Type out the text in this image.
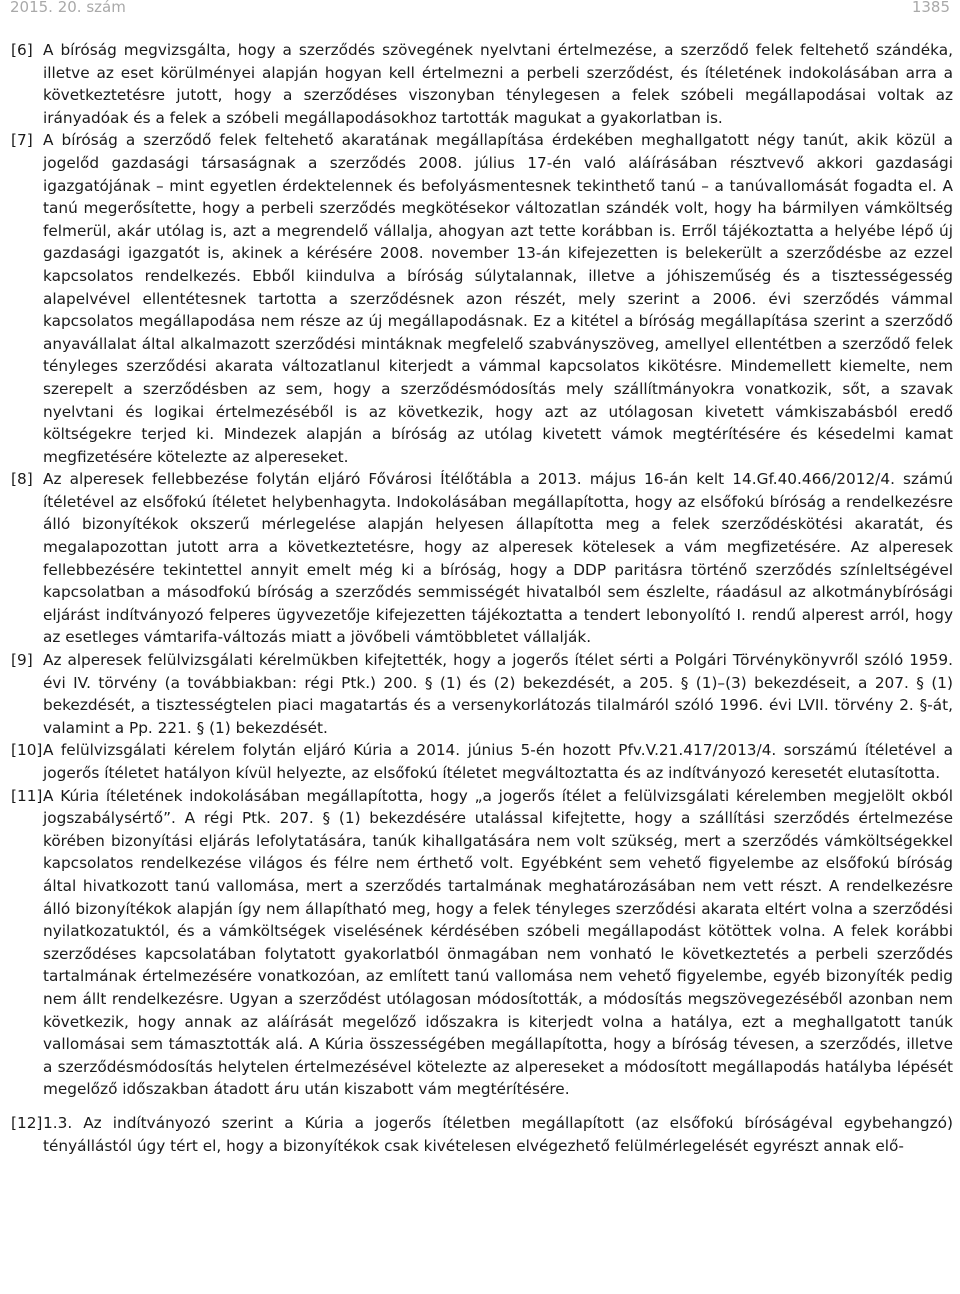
2015. 20. szám	1385
[6] A bíróság megvizsgálta, hogy a szerződés szövegének nyelvtani értelmezése, a szerződő felek feltehető szándéka, illetve az eset körülményei alapján hogyan kell értelmezni a perbeli szerződést, és ítéletének indokolásában arra a következtetésre jutott, hogy a szerződéses viszonyban ténylegesen a felek szóbeli megállapodásai voltak az irányadóak és a felek a szóbeli megállapodásokhoz tartották magukat a gyakorlatban is.
[7] A bíróság a szerződő felek feltehető akaratának megállapítása érdekében meghallgatott négy tanút, akik közül a jogelőd gazdasági társaságnak a szerződés 2008. július 17-én való aláírásában résztvevő akkori gazdasági igazgatójának – mint egyetlen érdektelennek és befolyásmentesnek tekinthető tanú – a tanúvallomását fogadta el. A tanú megerősítette, hogy a perbeli szerződés megkötésekor változatlan szándék volt, hogy ha bármilyen vámköltség felmerül, akár utólag is, azt a megrendelő vállalja, ahogyan azt tette korábban is. Erről tájékoztatta a helyébe lépő új gazdasági igazgatót is, akinek a kérésére 2008. november 13-án kifejezetten is belekerült a szerződésbe az ezzel kapcsolatos rendelkezés. Ebből kiindulva a bíróság súlytalannak, illetve a jóhiszeműség és a tisztességesség alapelvével ellentétesnek tartotta a szerződésnek azon részét, mely szerint a 2006. évi szerződés vámmal kapcsolatos megállapodása nem része az új megállapodásnak. Ez a kitétel a bíróság megállapítása szerint a szerződő anyavállalat által alkalmazott szerződési mintáknak megfelelő szabványszöveg, amellyel ellentétben a szerződő felek tényleges szerződési akarata változatlanul kiterjedt a vámmal kapcsolatos kikötésre. Mindemellett kiemelte, nem szerepelt a szerződésben az sem, hogy a szerződésmódosítás mely szállítmányokra vonatkozik, sőt, a szavak nyelvtani és logikai értelmezéséből is az következik, hogy azt az utólagosan kivetett vámkiszabásból eredő költségekre terjed ki. Mindezek alapján a bíróság az utólag kivetett vámok megtérítésére és késedelmi kamat megfizetésére kötelezte az alpereseket.
[8] Az alperesek fellebbezése folytán eljáró Fővárosi Ítélőtábla a 2013. május 16-án kelt 14.Gf.40.466/2012/4. számú ítéletével az elsőfokú ítéletet helybenhagyta. Indokolásában megállapította, hogy az elsőfokú bíróság a rendelkezésre álló bizonyítékok okszerű mérlegelése alapján helyesen állapította meg a felek szerződéskötési akaratát, és megalapozottan jutott arra a következtetésre, hogy az alperesek kötelesek a vám megfizetésére. Az alperesek fellebbezésére tekintettel annyit emelt még ki a bíróság, hogy a DDP paritásra történő szerződés színleltségével kapcsolatban a másodfokú bíróság a szerződés semmisségét hivatalból sem észlelte, ráadásul az alkotmánybírósági eljárást indítványozó felperes ügyvezetője kifejezetten tájékoztatta a tendert lebonyolító I. rendű alperest arról, hogy az esetleges vámtarifa-változás miatt a jövőbeli vámtöbbletet vállalják.
[9] Az alperesek felülvizsgálati kérelmükben kifejtették, hogy a jogerős ítélet sérti a Polgári Törvénykönyvről szóló 1959. évi IV. törvény (a továbbiakban: régi Ptk.) 200. § (1) és (2) bekezdését, a 205. § (1)–(3) bekezdéseit, a 207. § (1) bekezdését, a tisztességtelen piaci magatartás és a versenykorlátozás tilalmáról szóló 1996. évi LVII. törvény 2. §-át, valamint a Pp. 221. § (1) bekezdését.
[10] A felülvizsgálati kérelem folytán eljáró Kúria a 2014. június 5-én hozott Pfv.V.21.417/2013/4. sorszámú ítéletével a jogerős ítéletet hatályon kívül helyezte, az elsőfokú ítéletet megváltoztatta és az indítványozó keresetét elutasította.
[11] A Kúria ítéletének indokolásában megállapította, hogy „a jogerős ítélet a felülvizsgálati kérelemben megjelölt okból jogszabálysértő”. A régi Ptk. 207. § (1) bekezdésére utalással kifejtette, hogy a szállítási szerződés értelmezése körében bizonyítási eljárás lefolytatására, tanúk kihallgatására nem volt szükség, mert a szerződés vámköltségekkel kapcsolatos rendelkezése világos és félre nem érthető volt. Egyébként sem vehető figyelembe az elsőfokú bíróság által hivatkozott tanú vallomása, mert a szerződés tartalmának meghatározásában nem vett részt. A rendelkezésre álló bizonyítékok alapján így nem állapítható meg, hogy a felek tényleges szerződési akarata eltért volna a szerződési nyilatkozatuktól, és a vámköltségek viselésének kérdésében szóbeli megállapodást kötöttek volna. A felek korábbi szerződéses kapcsolatában folytatott gyakorlatból önmagában nem vonható le következtetés a perbeli szerződés tartalmának értelmezésére vonatkozóan, az említett tanú vallomása nem vehető figyelembe, egyéb bizonyíték pedig nem állt rendelkezésre. Ugyan a szerződést utólagosan módosították, a módosítás megszövegezéséből azonban nem következik, hogy annak az aláírását megelőző időszakra is kiterjedt volna a hatálya, ezt a meghallgatott tanúk vallomásai sem támasztották alá. A Kúria összességében megállapította, hogy a bíróság tévesen, a szerződés, illetve a szerződésmódosítás helytelen értelmezésével kötelezte az alpereseket a módosított megállapodás hatályba lépését megelőző időszakban átadott áru után kiszabott vám megtérítésére.
[12] 1.3. Az indítványozó szerint a Kúria a jogerős ítéletben megállapított (az elsőfokú bíróságéval egybehangzó) tényállástól úgy tért el, hogy a bizonyítékok csak kivételesen elvégezhető felülmérlegelését egyrészt annak elő-
